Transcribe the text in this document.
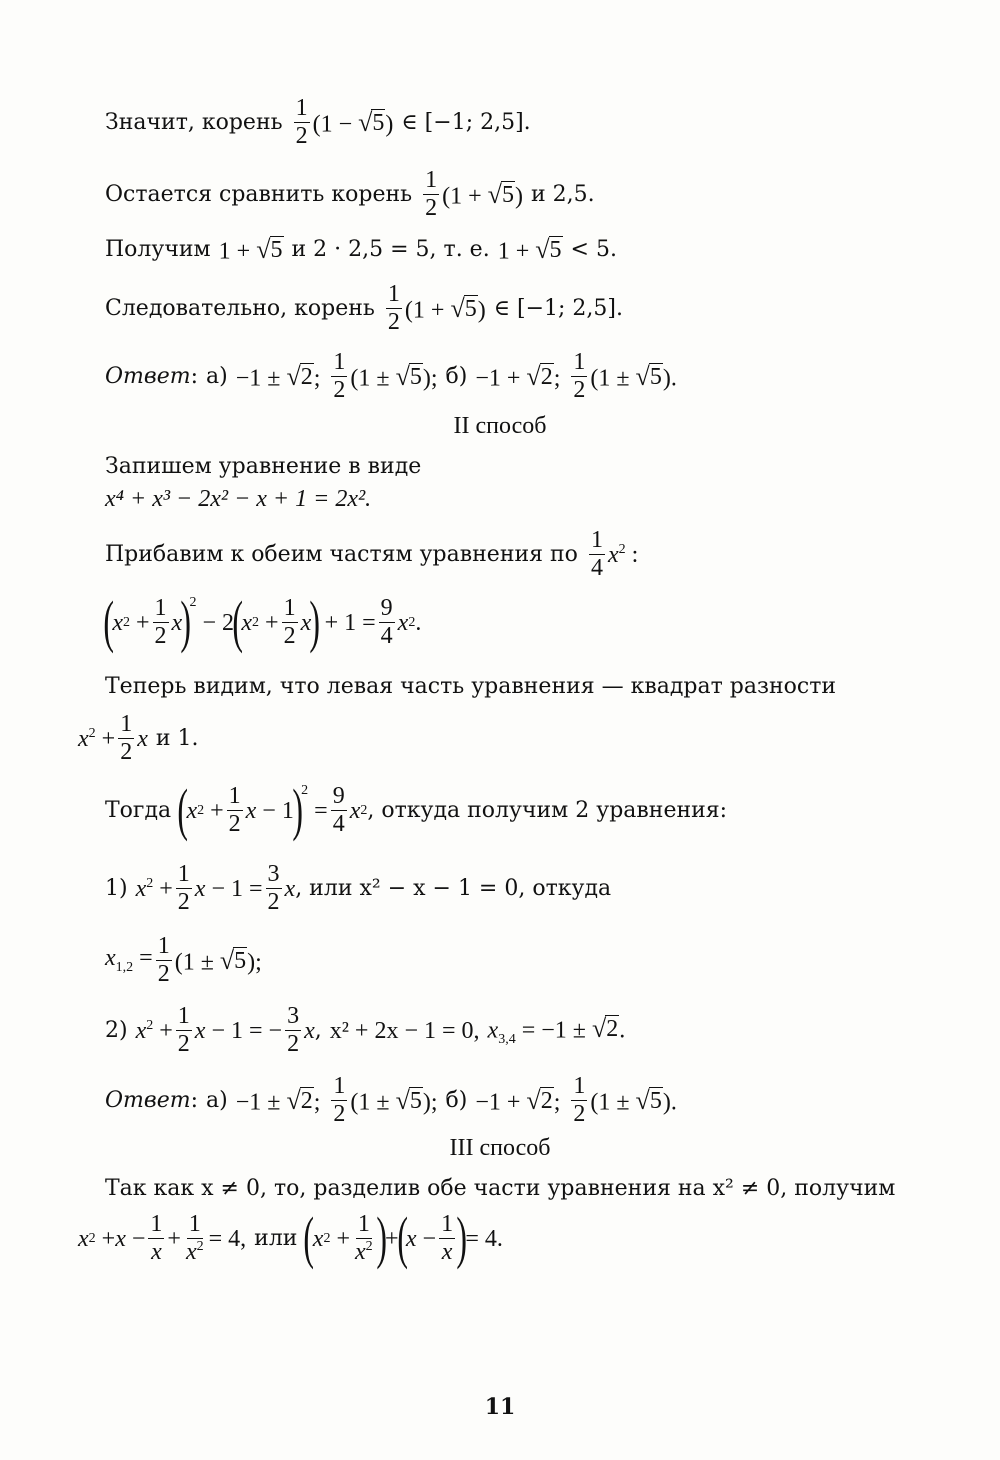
Значит, корень $\frac{1}{2} (1$ − √ 5 ) ∈ [−1; 2,5].
Остается сравнить корень $\frac{1}{2} (1$ + √ 5 ) и 2,5.
Получим 1 + √ 5 и 2 · 2,5 = 5, т. е. 1 + √ 5 < 5.
Следовательно, корень $\frac{1}{2} (1$ + √ 5 ) ∈ [−1; 2,5].
Ответ : а) −1 ± √ 2 ; $\frac{1}{2} (1$ ± √ 5 ); б) −1 + √ 2 ; $\frac{1}{2} (1$ ± √ 5 ).
II способ
Запишем уравнение в виде
x⁴ + x³ − 2x² − x + 1 = 2x².
Прибавим к обеим частям уравнения по $\frac{1}{4} x^2$ :
(
x $2 + \frac{1}{2}$ x
)
2
− 2
(
x $2 + \frac{1}{2}$ x
)
+ $1 = \frac{9}{4}$ x 2 .
Теперь видим, что левая часть уравнения — квадрат разности
$x^2 + \frac{1}{2}$ x и 1.
Тогда (
x $2 + \frac{1}{2}$ x − 1
)
2
= $\frac{9}{4}$ x 2 , откуда получим 2 уравнения:
1) $x^2 + \frac{1}{2}$ $x - 1 = \frac{3}{2}$ x , или x² − x − 1 = 0, откуда
$x_{1,2} = \frac{1}{2} (1$ ± √ 5 );
2) $x^2 + \frac{1}{2}$ x − 1 = − $\frac{3}{2}$ x , x² + 2x − 1 = 0, $x_{3,4} = -1$ ± √ 2 .
Ответ : а) −1 ± √ 2 ; $\frac{1}{2} (1$ ± √ 5 ); б) −1 + √ 2 ; $\frac{1}{2} (1$ ± √ 5 ).
III способ
Так как x ≠ 0, то, разделив обе части уравнения на x² ≠ 0, получим
x $2 + x - \frac{1}{x} + \frac{1}{x^2} = 4$, или (
x $2 + \frac{1}{x^2}$ )
+
(
$x - \frac{1}{x}$ )
= 4.
11
